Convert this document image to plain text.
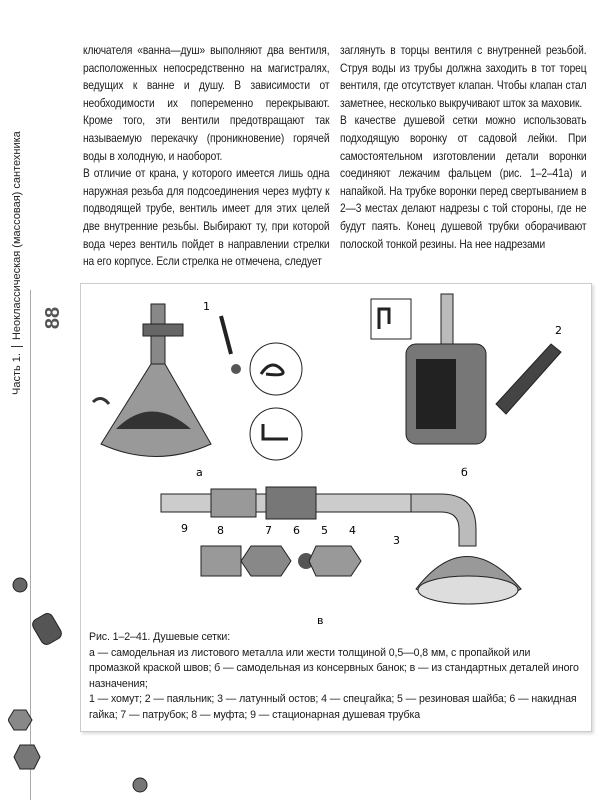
Часть 1.Неоклассическая (массовая) сантехника 88

ключателя «ванна—душ» выполняют два вентиля, расположенных непосредственно на магистралях, ведущих к ванне и душу. В зависимости от необходимости их попеременно перекрывают. Кроме того, эти вентили предотвращают так называемую перекачку (проникновение) горячей воды в холодную, и наоборот.

В отличие от крана, у которого имеется лишь одна наружная резьба для подсоединения через муфту к подводящей трубе, вентиль имеет для этих целей две внутренние резьбы. Выбирают ту, при которой вода через вентиль пойдет в направлении стрелки на его корпусе. Если стрелка не отмечена, следует

заглянуть в торцы вентиля с внутренней резьбой. Струя воды из трубы должна заходить в тот торец вентиля, где отсутствует клапан. Чтобы клапан стал заметнее, несколько выкручивают шток за маховик.

В качестве душевой сетки можно использовать подходящую воронку от садовой лейки. При самостоятельном изготовлении детали воронки соединяют лежачим фальцем (рис. 1–2–41а) и напайкой. На трубке воронки перед свертыванием в 2—3 местах делают надрезы с той стороны, где не будут паять. Конец душевой трубки оборачивают полоской тонкой резины. На нее надрезами

1
а
2
б
9	8	7 6 5 4
3
в

Рис. 1–2–41. Душевые сетки:

а — самодельная из листового металла или жести толщиной 0,5—0,8 мм, с пропайкой или промазкой краской швов; б — самодельная из консервных банок; в — из стандартных деталей иного назначения;

1 — хомут; 2 — паяльник; 3 — латунный остов; 4 — спецгайка; 5 — резиновая шайба; 6 — накидная гайка; 7 — патрубок; 8 — муфта; 9 — стационарная душевая трубка
